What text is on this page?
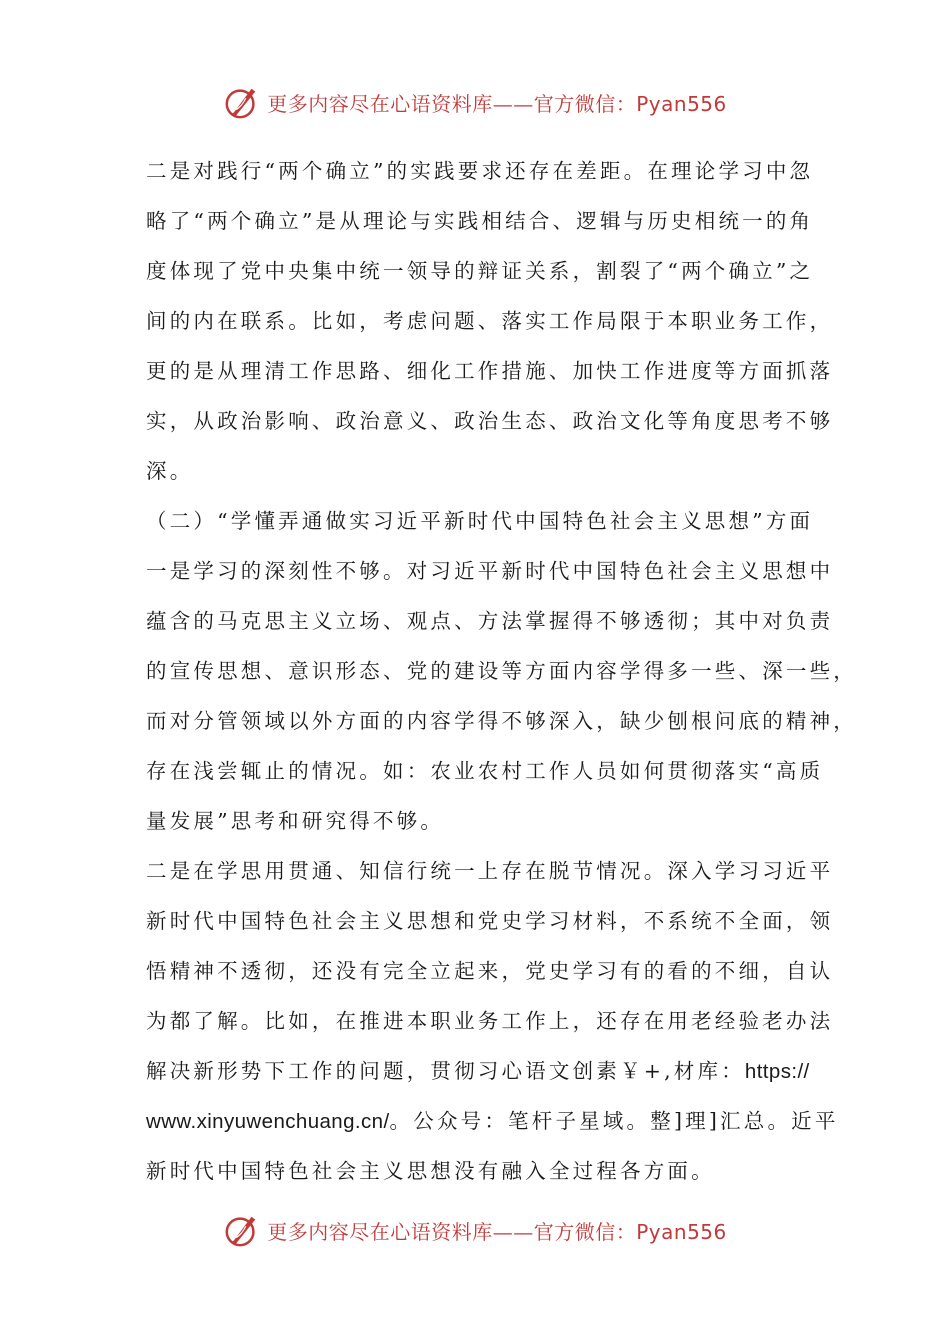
更多内容尽在心语资料库——官方微信：Pyan556
二是对践行“两个确立”的实践要求还存在差距。在理论学习中忽
略了“两个确立”是从理论与实践相结合、逻辑与历史相统一的角
度体现了党中央集中统一领导的辩证关系，割裂了“两个确立”之
间的内在联系。比如，考虑问题、落实工作局限于本职业务工作，
更的是从理清工作思路、细化工作措施、加快工作进度等方面抓落
实，从政治影响、政治意义、政治生态、政治文化等角度思考不够
深。
（二）“学懂弄通做实习近平新时代中国特色社会主义思想”方面
一是学习的深刻性不够。对习近平新时代中国特色社会主义思想中
蕴含的马克思主义立场、观点、方法掌握得不够透彻；其中对负责
的宣传思想、意识形态、党的建设等方面内容学得多一些、深一些，
而对分管领域以外方面的内容学得不够深入，缺少刨根问底的精神，
存在浅尝辄止的情况。如：农业农村工作人员如何贯彻落实“高质
量发展”思考和研究得不够。
二是在学思用贯通、知信行统一上存在脱节情况。深入学习习近平
新时代中国特色社会主义思想和党史学习材料，不系统不全面，领
悟精神不透彻，还没有完全立起来，党史学习有的看的不细，自认
为都了解。比如，在推进本职业务工作上，还存在用老经验老办法
解决新形势下工作的问题，贯彻习心语文创素￥+,材库：https://
www.xinyuwenchuang.cn/。公众号：笔杆子星域。整]理]汇总。近平
新时代中国特色社会主义思想没有融入全过程各方面。
更多内容尽在心语资料库——官方微信：Pyan556
